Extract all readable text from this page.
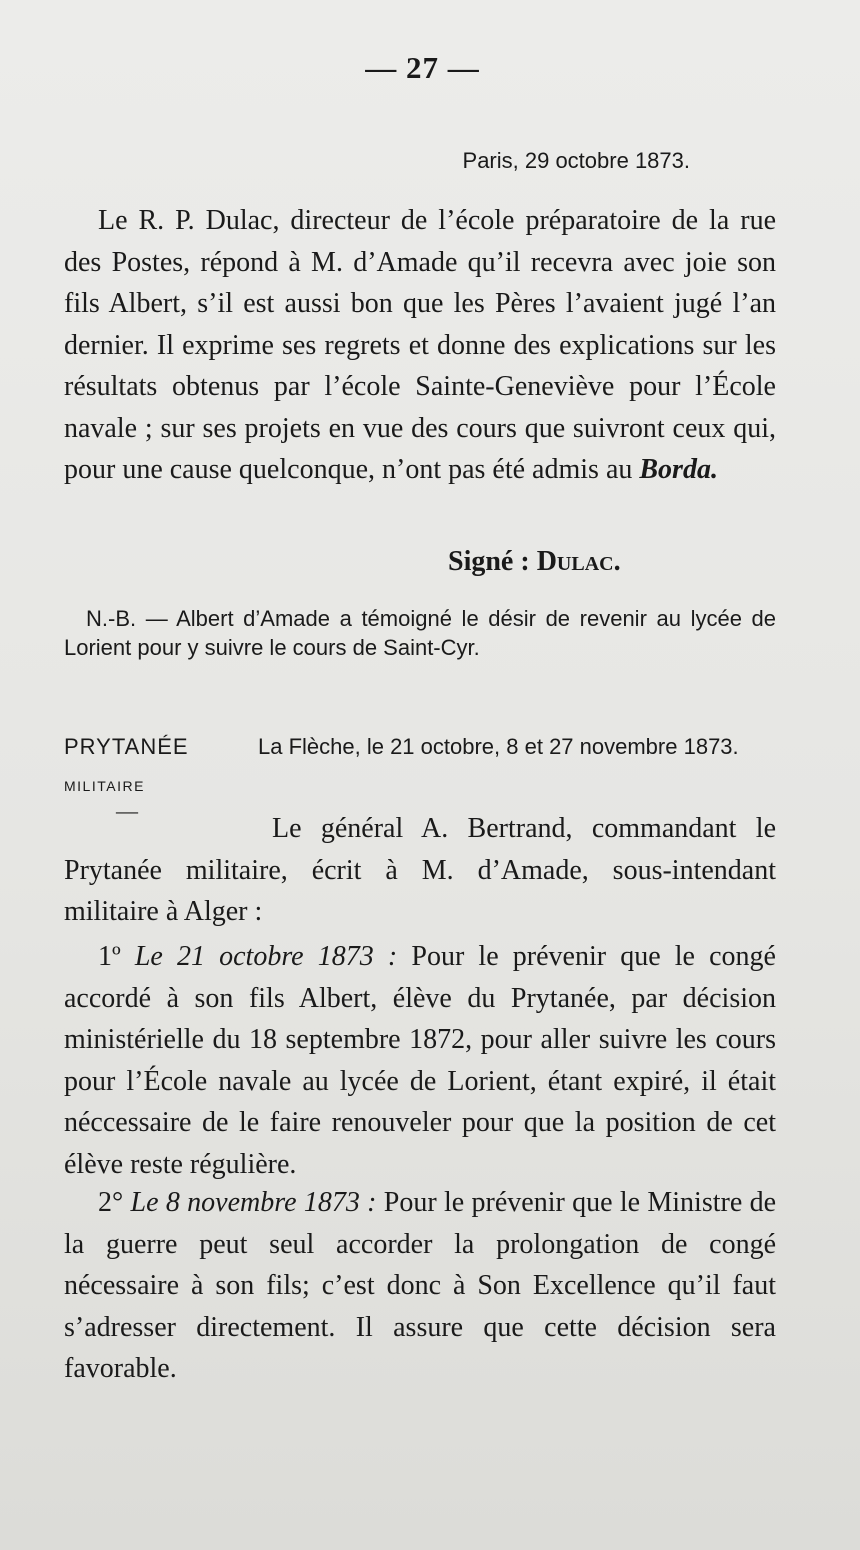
— 27 —
Paris, 29 octobre 1873.
Le R. P. Dulac, directeur de l’école préparatoire de la rue des Postes, répond à M. d’Amade qu’il recevra avec joie son fils Albert, s’il est aussi bon que les Pères l’avaient jugé l’an dernier. Il exprime ses regrets et donne des explications sur les résultats obtenus par l’école Sainte-Geneviève pour l’École navale ; sur ses projets en vue des cours que suivront ceux qui, pour une cause quelconque, n’ont pas été admis au Borda.
Signé : Dulac.
N.-B. — Albert d’Amade a témoigné le désir de revenir au lycée de Lorient pour y suivre le cours de Saint-Cyr.
PRYTANÉE
MILITAIRE
—
La Flèche, le 21 octobre, 8 et 27 novembre 1873.
Le général A. Bertrand, commandant le Prytanée militaire, écrit à M. d’Amade, sous-intendant militaire à Alger :
1º Le 21 octobre 1873 : Pour le prévenir que le congé accordé à son fils Albert, élève du Prytanée, par décision ministérielle du 18 septembre 1872, pour aller suivre les cours pour l’École navale au lycée de Lorient, étant expiré, il était néccessaire de le faire renouveler pour que la position de cet élève reste régulière.
2° Le 8 novembre 1873 : Pour le prévenir que le Ministre de la guerre peut seul accorder la prolongation de congé nécessaire à son fils; c’est donc à Son Excellence qu’il faut s’adresser directement. Il assure que cette décision sera favorable.
